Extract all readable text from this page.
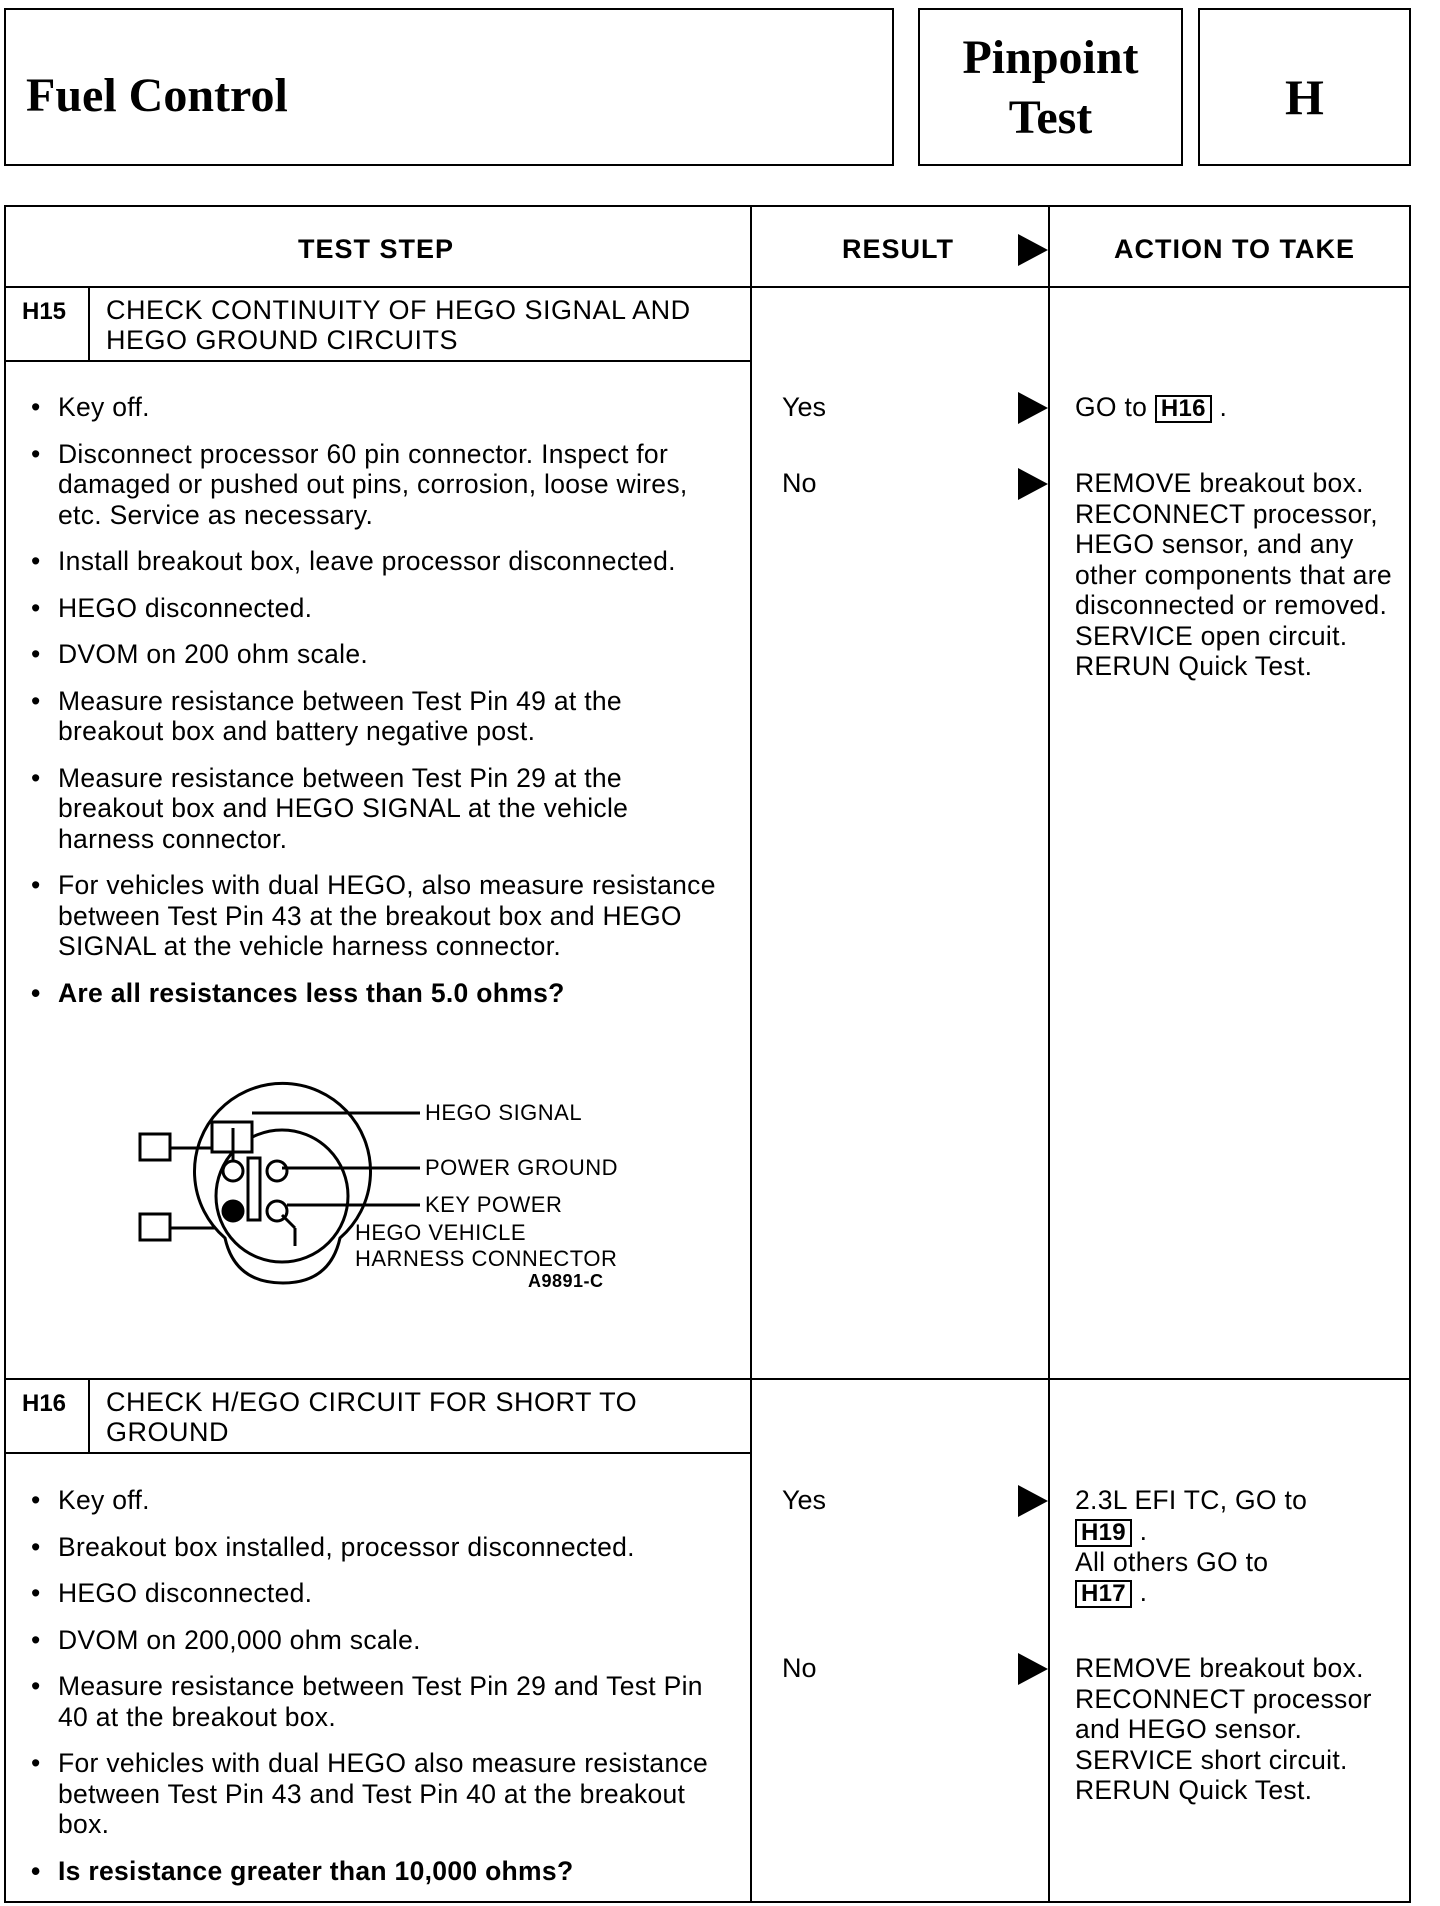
Fuel Control
Pinpoint
Test	H
TEST STEP	RESULT	ACTION TO TAKE
H15 CHECK CONTINUITY OF HEGO SIGNAL AND
HEGO GROUND CIRCUITS
• Key off.
• Disconnect processor 60 pin connector. Inspect for damaged or pushed out pins, corrosion, loose wires, etc. Service as necessary.
• Install breakout box, leave processor disconnected.
• HEGO disconnected.
• DVOM on 200 ohm scale.
• Measure resistance between Test Pin 49 at the breakout box and battery negative post.
• Measure resistance between Test Pin 29 at the breakout box and HEGO SIGNAL at the vehicle harness connector.
• For vehicles with dual HEGO, also measure resistance between Test Pin 43 at the breakout box and HEGO SIGNAL at the vehicle harness connector.
• Are all resistances less than 5.0 ohms?
HEGO SIGNAL
POWER GROUND
KEY POWER
HEGO VEHICLE
HARNESS CONNECTOR
A9891-C
Yes	GO to H16 .
No	REMOVE breakout box. RECONNECT processor, HEGO sensor, and any other components that are disconnected or removed. SERVICE open circuit. RERUN Quick Test.
H16 CHECK H/EGO CIRCUIT FOR SHORT TO
GROUND
• Key off.
• Breakout box installed, processor disconnected.
• HEGO disconnected.
• DVOM on 200,000 ohm scale.
• Measure resistance between Test Pin 29 and Test Pin 40 at the breakout box.
• For vehicles with dual HEGO also measure resistance between Test Pin 43 and Test Pin 40 at the breakout box.
• Is resistance greater than 10,000 ohms?
Yes	2.3L EFI TC, GO to
H19 .
All others GO to
H17 .
No	REMOVE breakout box. RECONNECT processor and HEGO sensor. SERVICE short circuit. RERUN Quick Test.
